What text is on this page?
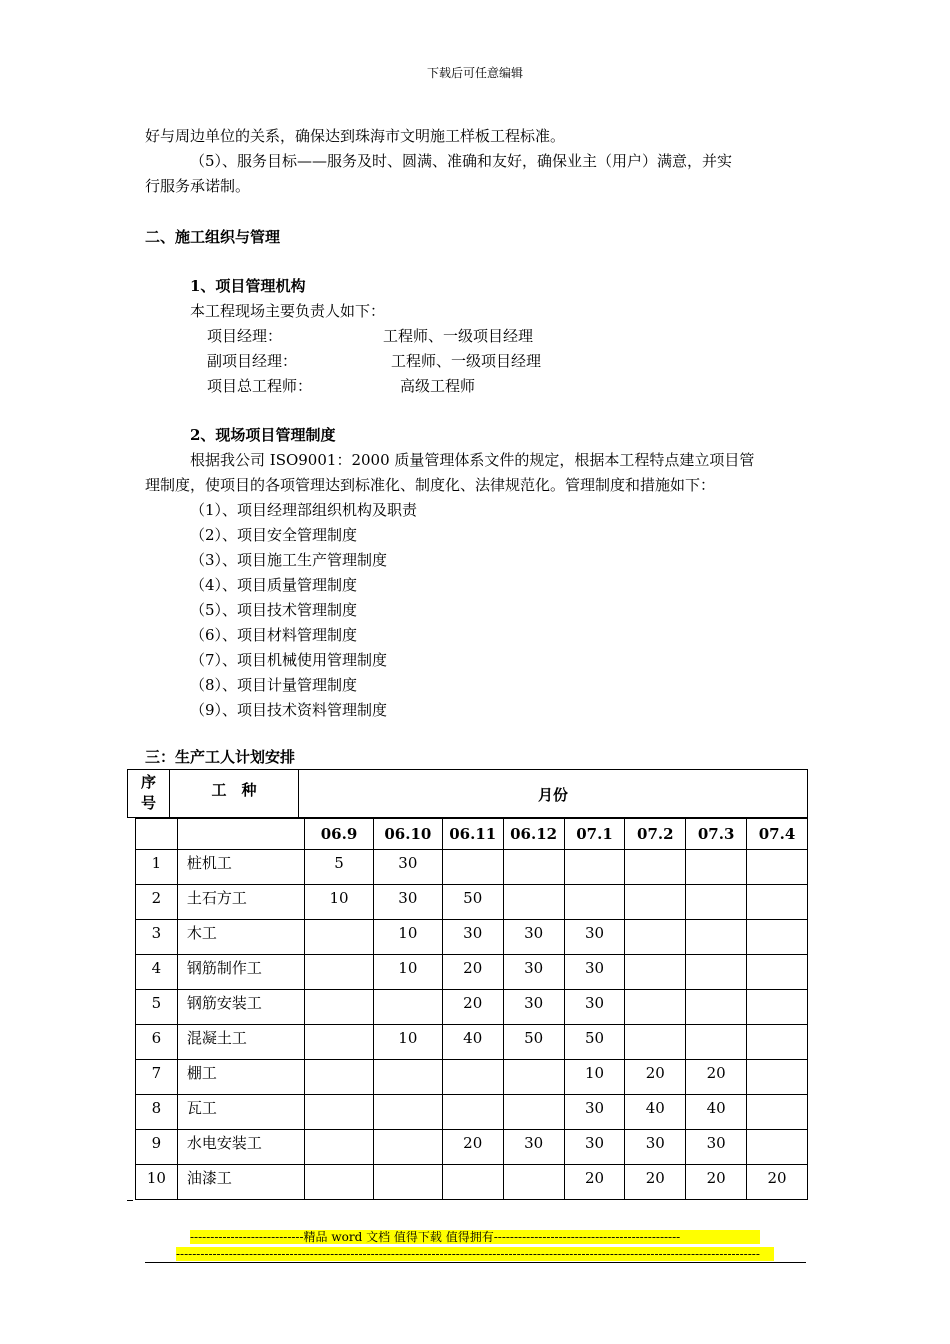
下载后可任意编辑
好与周边单位的关系，确保达到珠海市文明施工样板工程标准。
（5）、服务目标——服务及时、圆满、准确和友好，确保业主（用户）满意，并实
行服务承诺制。
二、施工组织与管理
1、项目管理机构
本工程现场主要负责人如下：
项目经理：	工程师、一级项目经理
副项目经理：	工程师、一级项目经理
项目总工程师：	高级工程师
2、现场项目管理制度
根据我公司 ISO9001：2000 质量管理体系文件的规定，根据本工程特点建立项目管
理制度，使项目的各项管理达到标准化、制度化、法律规范化。管理制度和措施如下：
（1）、项目经理部组织机构及职责
（2）、项目安全管理制度
（3）、项目施工生产管理制度
（4）、项目质量管理制度
（5）、项目技术管理制度
（6）、项目材料管理制度
（7）、项目机械使用管理制度
（8）、项目计量管理制度
（9）、项目技术资料管理制度
三：生产工人计划安排
序
号
工　种	月份
		06.9	06.10	06.11	06.12	07.1	07.2	07.3	07.4
1	桩机工	5	30						
2	土石方工	10	30	50					
3	木工		10	30	30	30			
4	钢筋制作工		10	20	30	30			
5	钢筋安装工			20	30	30			
6	混凝土工		10	40	50	50			
7	棚工					10	20	20	
8	瓦工					30	40	40	
9	水电安装工			20	30	30	30	30	
10	油漆工					20	20	20	20
----------------------------精品 word 文档 值得下载 值得拥有----------------------------------------------
------------------------------------------------------------------------------------------------------------------------------------------------
